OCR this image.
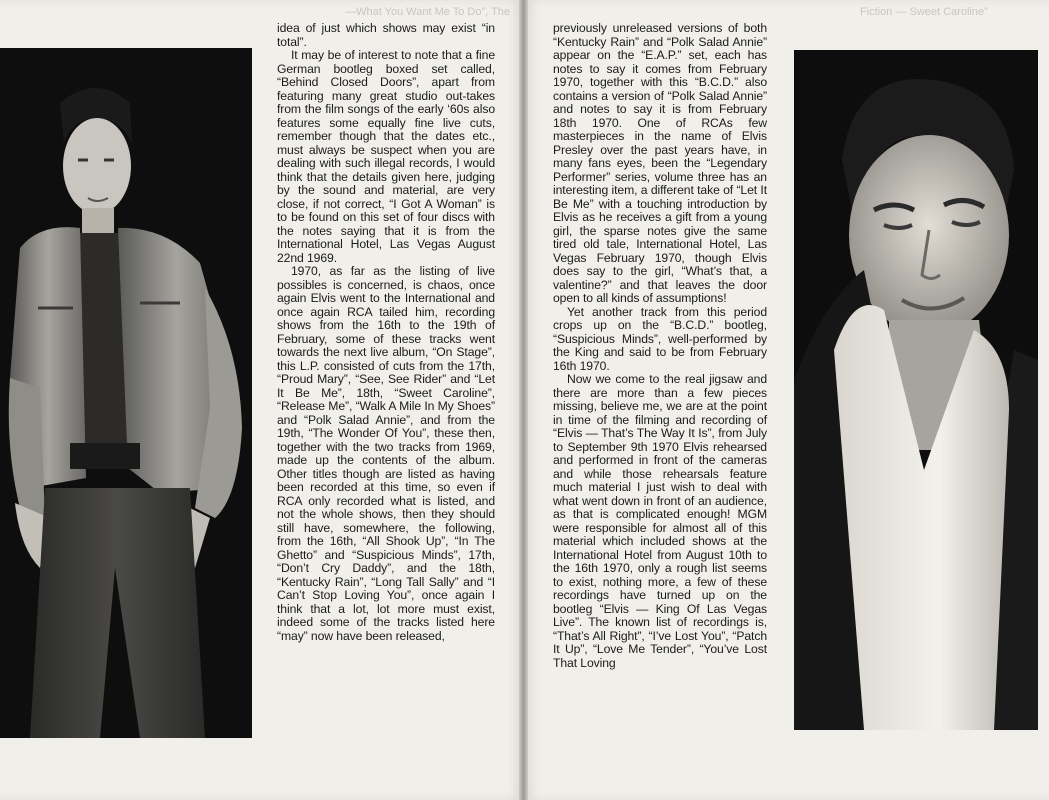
—What You Want Me To Do”, The	Fiction — Sweet Caroline”

idea of just which shows may exist “in total”.

It may be of interest to note that a fine German bootleg boxed set called, “Behind Closed Doors”, apart from featuring many great studio out-takes from the film songs of the early ‘60s also features some equally fine live cuts, remember though that the dates etc., must always be suspect when you are dealing with such illegal records, I would think that the details given here, judging by the sound and material, are very close, if not correct, “I Got A Woman” is to be found on this set of four discs with the notes saying that it is from the International Hotel, Las Vegas August 22nd 1969.

1970, as far as the listing of live possibles is concerned, is chaos, once again Elvis went to the International and once again RCA tailed him, recording shows from the 16th to the 19th of February, some of these tracks went towards the next live album, “On Stage”, this L.P. consisted of cuts from the 17th, “Proud Mary”, “See, See Rider” and “Let It Be Me”, 18th, “Sweet Caroline”, “Release Me”, “Walk A Mile In My Shoes” and “Polk Salad Annie”, and from the 19th, “The Wonder Of You”, these then, together with the two tracks from 1969, made up the contents of the album. Other titles though are listed as having been recorded at this time, so even if RCA only recorded what is listed, and not the whole shows, then they should still have, somewhere, the following, from the 16th, “All Shook Up”, “In The Ghetto” and “Suspicious Minds”, 17th, “Don’t Cry Daddy”, and the 18th, “Kentucky Rain”, “Long Tall Sally” and “I Can’t Stop Loving You”, once again I think that a lot, lot more must exist, indeed some of the tracks listed here “may” now have been released,

previously unreleased versions of both “Kentucky Rain” and “Polk Salad Annie” appear on the “E.A.P.” set, each has notes to say it comes from February 1970, together with this “B.C.D.” also contains a version of “Polk Salad Annie” and notes to say it is from February 18th 1970. One of RCAs few masterpieces in the name of Elvis Presley over the past years have, in many fans eyes, been the “Legendary Performer” series, volume three has an interesting item, a different take of “Let It Be Me” with a touching introduction by Elvis as he receives a gift from a young girl, the sparse notes give the same tired old tale, International Hotel, Las Vegas February 1970, though Elvis does say to the girl, “What’s that, a valentine?” and that leaves the door open to all kinds of assumptions!

Yet another track from this period crops up on the “B.C.D.” bootleg, “Suspicious Minds”, well-performed by the King and said to be from February 16th 1970.

Now we come to the real jigsaw and there are more than a few pieces missing, believe me, we are at the point in time of the filming and recording of “Elvis — That’s The Way It Is”, from July to September 9th 1970 Elvis rehearsed and performed in front of the cameras and while those rehearsals feature much material I just wish to deal with what went down in front of an audience, as that is complicated enough! MGM were responsible for almost all of this material which included shows at the International Hotel from August 10th to the 16th 1970, only a rough list seems to exist, nothing more, a few of these recordings have turned up on the bootleg “Elvis — King Of Las Vegas Live”. The known list of recordings is, “That’s All Right”, “I’ve Lost You”, “Patch It Up”, “Love Me Tender”, “You’ve Lost That Loving
